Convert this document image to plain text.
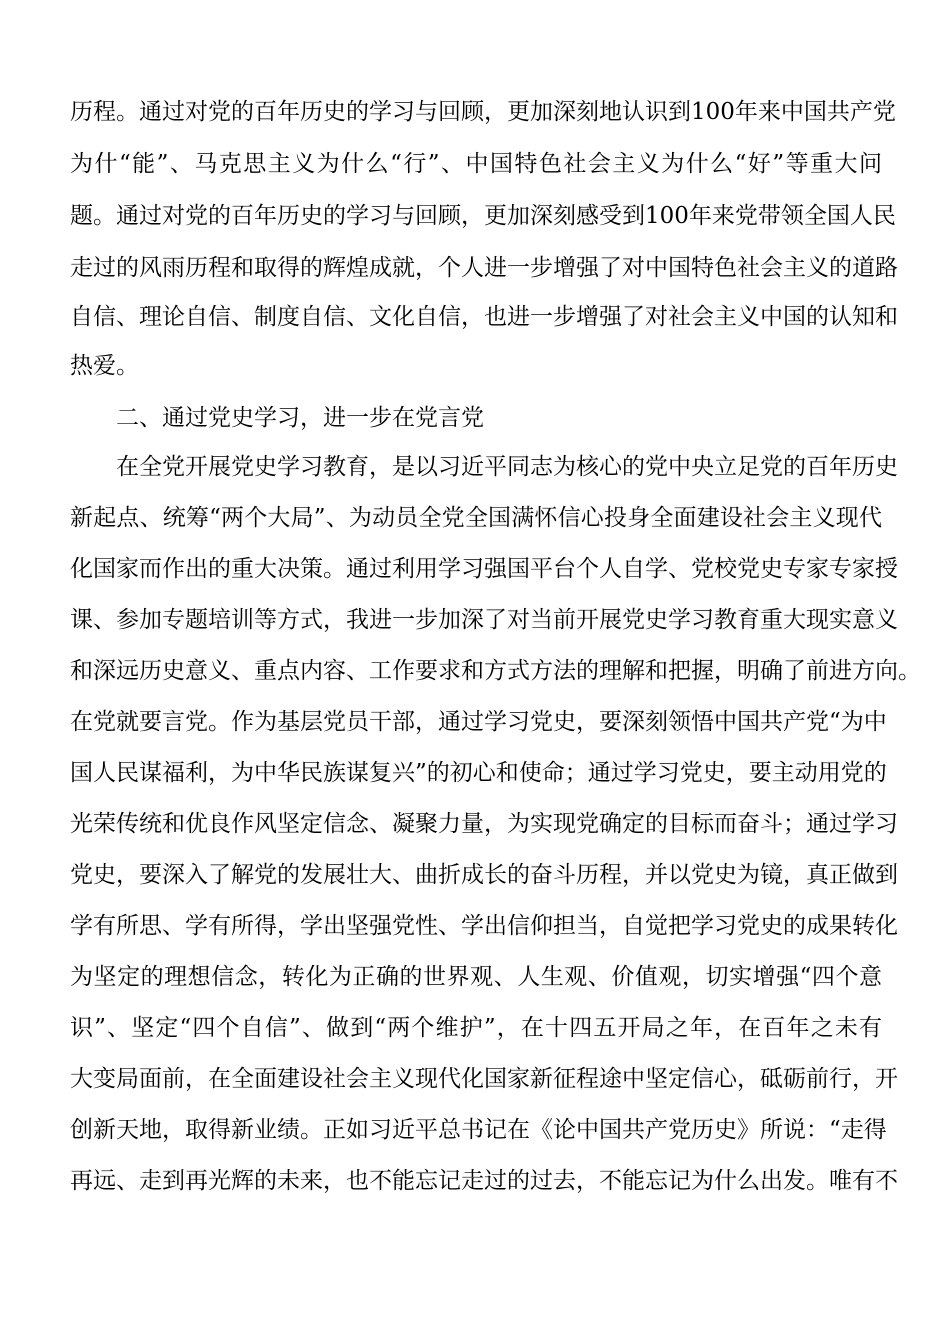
历程。通过对党的百年历史的学习与回顾，更加深刻地认识到100年来中国共产党
为什“能”、马克思主义为什么“行”、中国特色社会主义为什么“好”等重大问
题。通过对党的百年历史的学习与回顾，更加深刻感受到100年来党带领全国人民
走过的风雨历程和取得的辉煌成就，个人进一步增强了对中国特色社会主义的道路
自信、理论自信、制度自信、文化自信，也进一步增强了对社会主义中国的认知和
热爱。
二、通过党史学习，进一步在党言党
在全党开展党史学习教育，是以习近平同志为核心的党中央立足党的百年历史
新起点、统筹“两个大局”、为动员全党全国满怀信心投身全面建设社会主义现代
化国家而作出的重大决策。通过利用学习强国平台个人自学、党校党史专家专家授
课、参加专题培训等方式，我进一步加深了对当前开展党史学习教育重大现实意义
和深远历史意义、重点内容、工作要求和方式方法的理解和把握，明确了前进方向。
在党就要言党。作为基层党员干部，通过学习党史，要深刻领悟中国共产党“为中
国人民谋福利，为中华民族谋复兴”的初心和使命；通过学习党史，要主动用党的
光荣传统和优良作风坚定信念、凝聚力量，为实现党确定的目标而奋斗；通过学习
党史，要深入了解党的发展壮大、曲折成长的奋斗历程，并以党史为镜，真正做到
学有所思、学有所得，学出坚强党性、学出信仰担当，自觉把学习党史的成果转化
为坚定的理想信念，转化为正确的世界观、人生观、价值观，切实增强“四个意
识”、坚定“四个自信”、做到“两个维护”，在十四五开局之年，在百年之未有
大变局面前，在全面建设社会主义现代化国家新征程途中坚定信心，砥砺前行，开
创新天地，取得新业绩。正如习近平总书记在《论中国共产党历史》所说：“走得
再远、走到再光辉的未来，也不能忘记走过的过去，不能忘记为什么出发。唯有不
